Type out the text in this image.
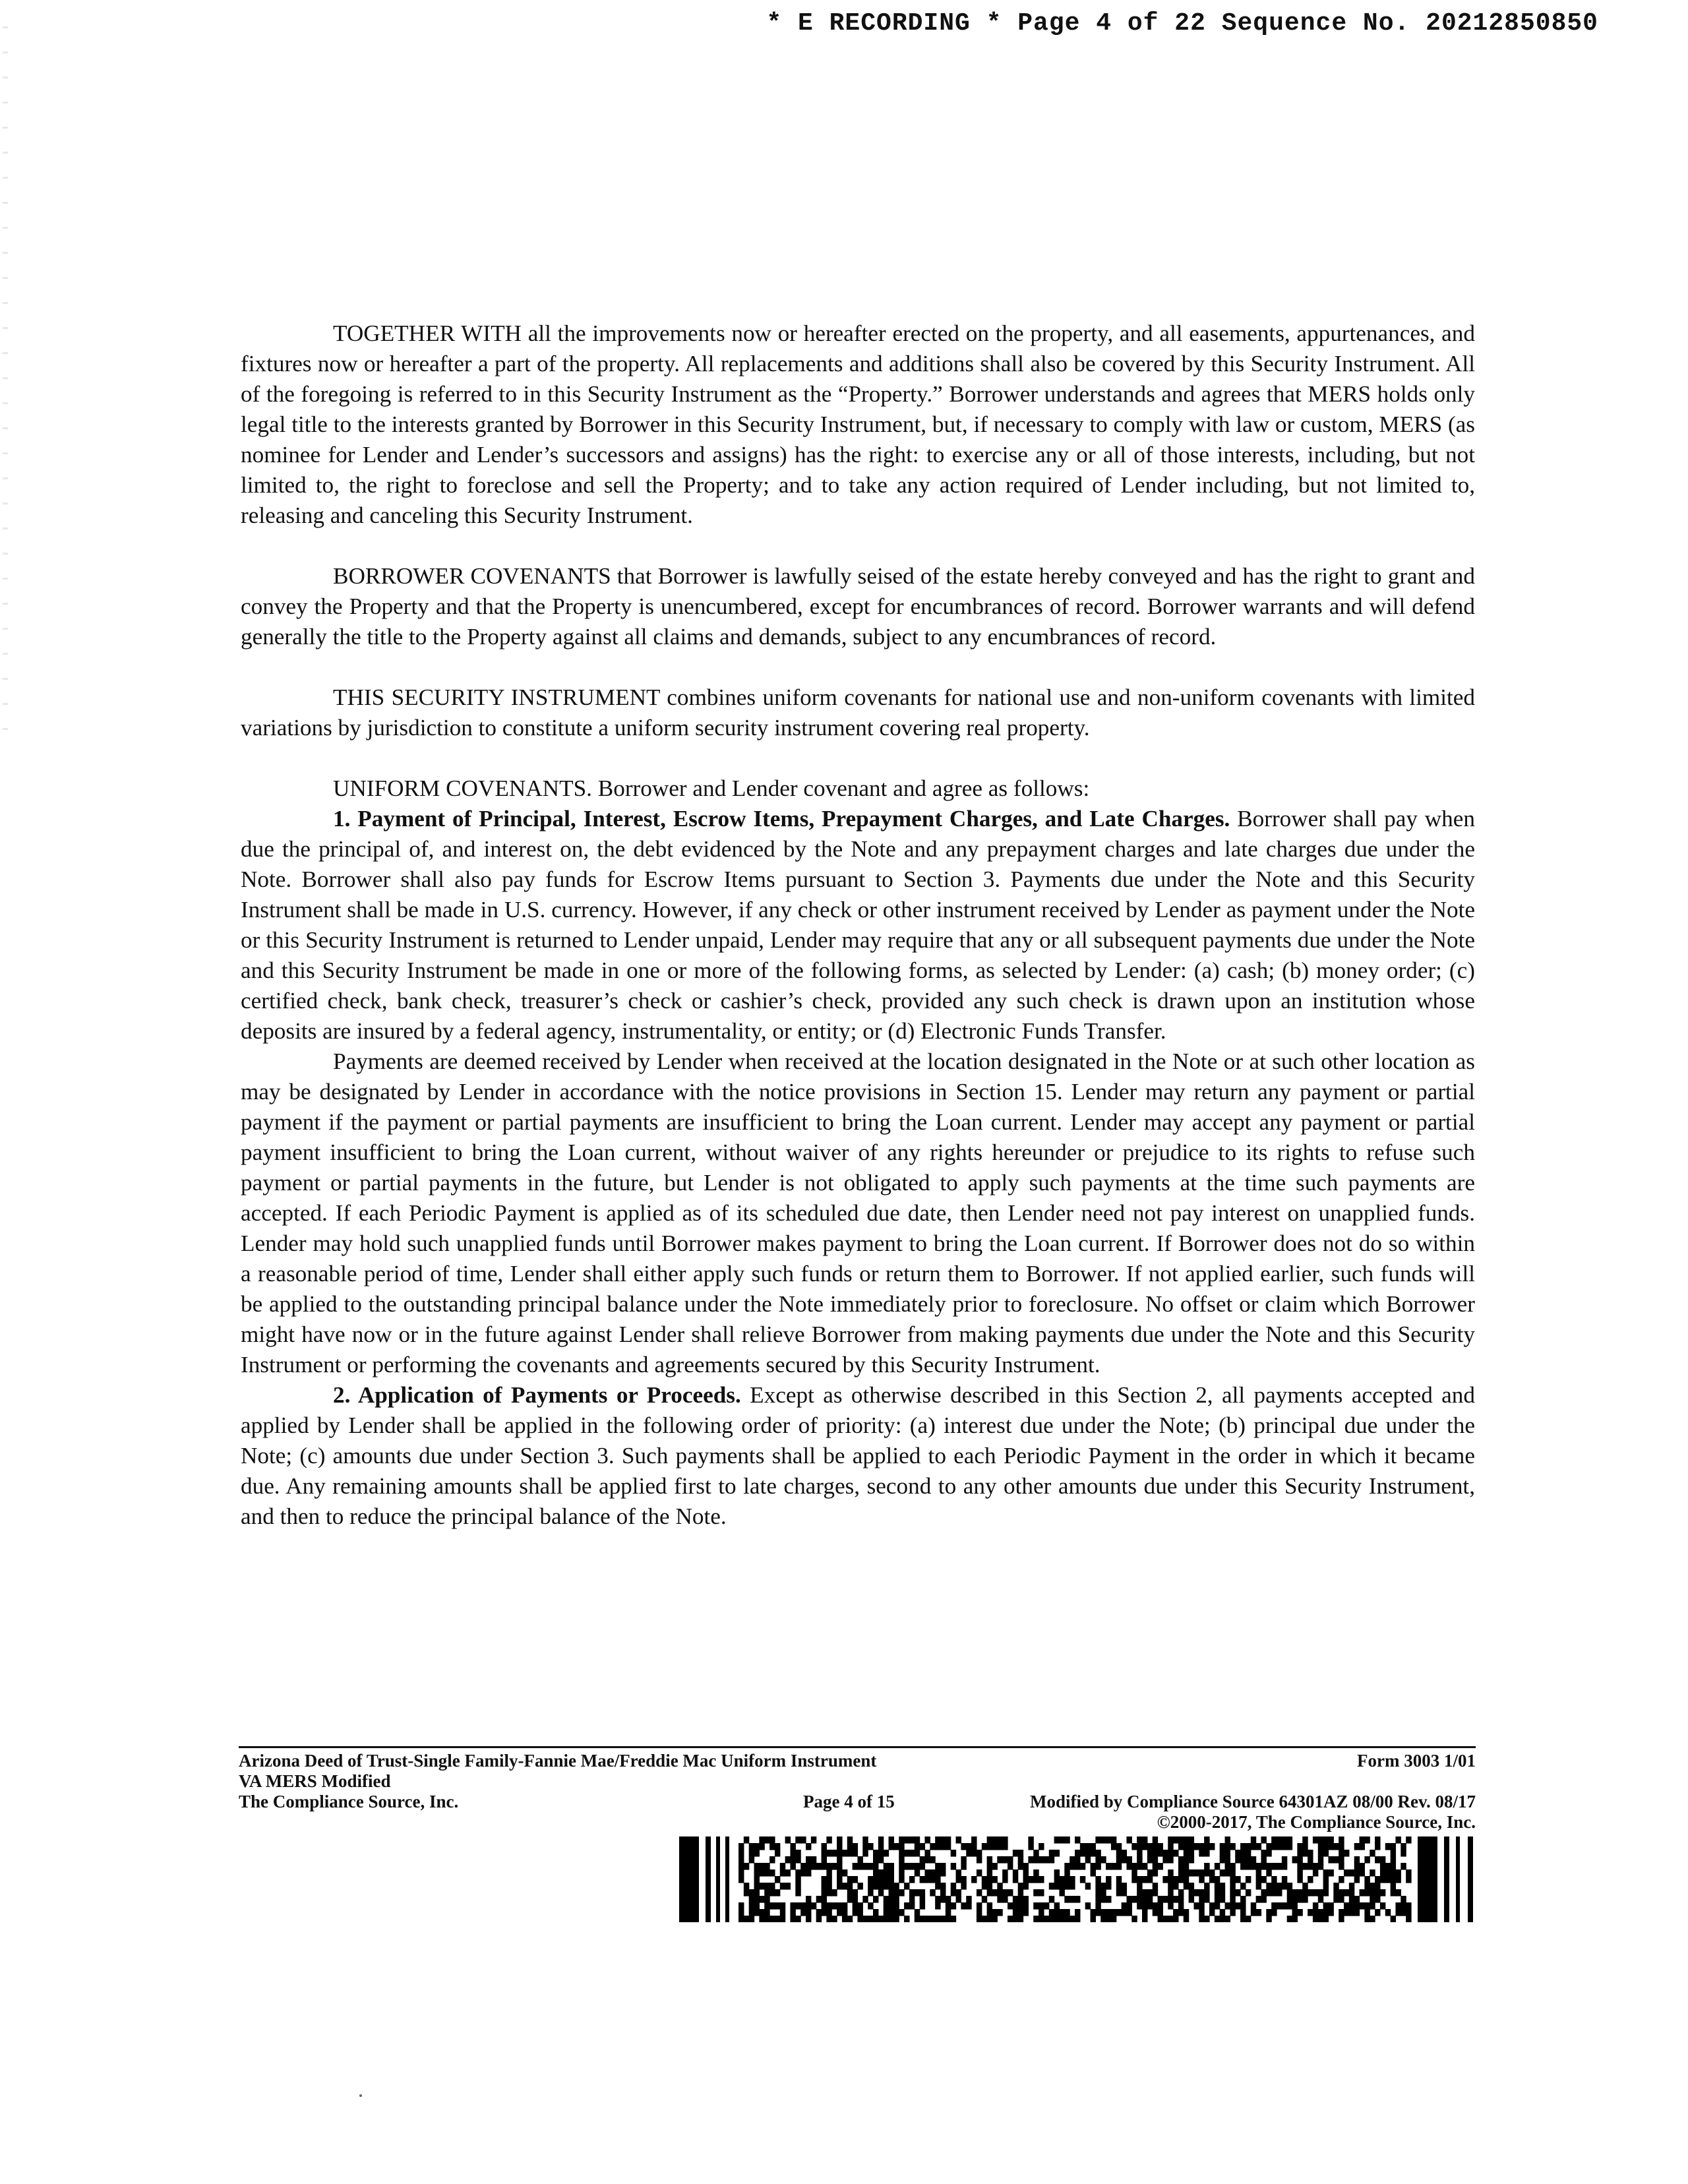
* E RECORDING * Page 4 of 22 Sequence No. 20212850850

TOGETHER WITH all the improvements now or hereafter erected on the property, and all easements, appurtenances, and fixtures now or hereafter a part of the property. All replacements and additions shall also be covered by this Security Instrument. All of the foregoing is referred to in this Security Instrument as the “Property.” Borrower understands and agrees that MERS holds only legal title to the interests granted by Borrower in this Security Instrument, but, if necessary to comply with law or custom, MERS (as nominee for Lender and Lender’s successors and assigns) has the right: to exercise any or all of those interests, including, but not limited to, the right to foreclose and sell the Property; and to take any action required of Lender including, but not limited to, releasing and canceling this Security Instrument.

BORROWER COVENANTS that Borrower is lawfully seised of the estate hereby conveyed and has the right to grant and convey the Property and that the Property is unencumbered, except for encumbrances of record. Borrower warrants and will defend generally the title to the Property against all claims and demands, subject to any encumbrances of record.

THIS SECURITY INSTRUMENT combines uniform covenants for national use and non-uniform covenants with limited variations by jurisdiction to constitute a uniform security instrument covering real property.

UNIFORM COVENANTS. Borrower and Lender covenant and agree as follows:

1. Payment of Principal, Interest, Escrow Items, Prepayment Charges, and Late Charges. Borrower shall pay when due the principal of, and interest on, the debt evidenced by the Note and any prepayment charges and late charges due under the Note. Borrower shall also pay funds for Escrow Items pursuant to Section 3. Payments due under the Note and this Security Instrument shall be made in U.S. currency. However, if any check or other instrument received by Lender as payment under the Note or this Security Instrument is returned to Lender unpaid, Lender may require that any or all subsequent payments due under the Note and this Security Instrument be made in one or more of the following forms, as selected by Lender: (a) cash; (b) money order; (c) certified check, bank check, treasurer’s check or cashier’s check, provided any such check is drawn upon an institution whose deposits are insured by a federal agency, instrumentality, or entity; or (d) Electronic Funds Transfer.

Payments are deemed received by Lender when received at the location designated in the Note or at such other location as may be designated by Lender in accordance with the notice provisions in Section 15. Lender may return any payment or partial payment if the payment or partial payments are insufficient to bring the Loan current. Lender may accept any payment or partial payment insufficient to bring the Loan current, without waiver of any rights hereunder or prejudice to its rights to refuse such payment or partial payments in the future, but Lender is not obligated to apply such payments at the time such payments are accepted. If each Periodic Payment is applied as of its scheduled due date, then Lender need not pay interest on unapplied funds. Lender may hold such unapplied funds until Borrower makes payment to bring the Loan current. If Borrower does not do so within a reasonable period of time, Lender shall either apply such funds or return them to Borrower. If not applied earlier, such funds will be applied to the outstanding principal balance under the Note immediately prior to foreclosure. No offset or claim which Borrower might have now or in the future against Lender shall relieve Borrower from making payments due under the Note and this Security Instrument or performing the covenants and agreements secured by this Security Instrument.

2. Application of Payments or Proceeds. Except as otherwise described in this Section 2, all payments accepted and applied by Lender shall be applied in the following order of priority: (a) interest due under the Note; (b) principal due under the Note; (c) amounts due under Section 3. Such payments shall be applied to each Periodic Payment in the order in which it became due. Any remaining amounts shall be applied first to late charges, second to any other amounts due under this Security Instrument, and then to reduce the principal balance of the Note.

Arizona Deed of Trust-Single Family-Fannie Mae/Freddie Mac Uniform Instrument	Form 3003 1/01
VA MERS Modified
The Compliance Source, Inc.	Page 4 of 15	Modified by Compliance Source 64301AZ 08/00 Rev. 08/17
©2000-2017, The Compliance Source, Inc.
